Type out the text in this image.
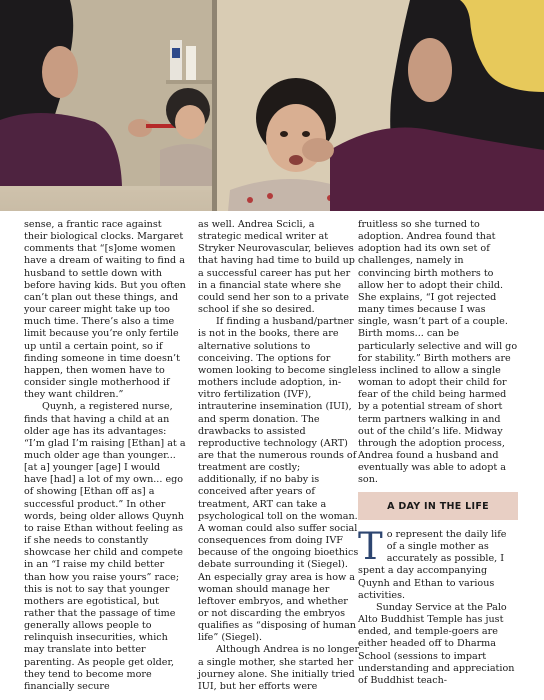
sense, a frantic race against their biological clocks. Margaret comments that “[s]ome women have a dream of waiting to find a husband to settle down with before having kids. But you often can’t plan out these things, and your career might take up too much time. There’s also a time limit because you’re only fertile up until a certain point, so if finding someone in time doesn’t happen, then women have to consider single motherhood if they want children.”

Quynh, a registered nurse, finds that having a child at an older age has its advantages: “I’m glad I’m raising [Ethan] at a much older age than younger... [at a] younger [age] I would have [had] a lot of my own... ego of showing [Ethan off as] a successful product.” In other words, being older allows Quynh to raise Ethan without feeling as if she needs to constantly showcase her child and compete in an “I raise my child better than how you raise yours” race; this is not to say that younger mothers are egotistical, but rather that the passage of time generally allows people to relinquish insecurities, which may translate into better parenting. As people get older, they tend to become more financially secure

as well. Andrea Scicli, a strategic medical writer at Stryker Neurovascular, believes that having had time to build up a successful career has put her in a financial state where she could send her son to a private school if she so desired.

If finding a husband/partner is not in the books, there are alternative solutions to conceiving. The options for women looking to become single mothers include adoption, in-vitro fertilization (IVF), intrauterine insemination (IUI), and sperm donation. The drawbacks to assisted reproductive technology (ART) are that the numerous rounds of treatment are costly; additionally, if no baby is conceived after years of treatment, ART can take a psychological toll on the woman. A woman could also suffer social consequences from doing IVF because of the ongoing bioethics debate surrounding it (Siegel). An especially gray area is how a woman should manage her leftover embryos, and whether or not discarding the embryos qualifies as “disposing of human life” (Siegel).

Although Andrea is no longer a single mother, she started her journey alone. She initially tried IUI, but her efforts were

fruitless so she turned to adoption. Andrea found that adoption had its own set of challenges, namely in convincing birth mothers to allow her to adopt their child. She explains, “I got rejected many times because I was single, wasn’t part of a couple. Birth moms... can be particularly selective and will go for stability.” Birth mothers are less inclined to allow a single woman to adopt their child for fear of the child being harmed by a potential stream of short term partners walking in and out of the child’s life. Midway through the adoption process, Andrea found a husband and eventually was able to adopt a son.

A DAY IN THE LIFE

To represent the daily life of a single mother as accurately as possible, I spent a day accompanying Quynh and Ethan to various activities.

Sunday Service at the Palo Alto Buddhist Temple has just ended, and temple-goers are either headed off to Dharma School (sessions to impart understanding and appreciation of Buddhist teach-
